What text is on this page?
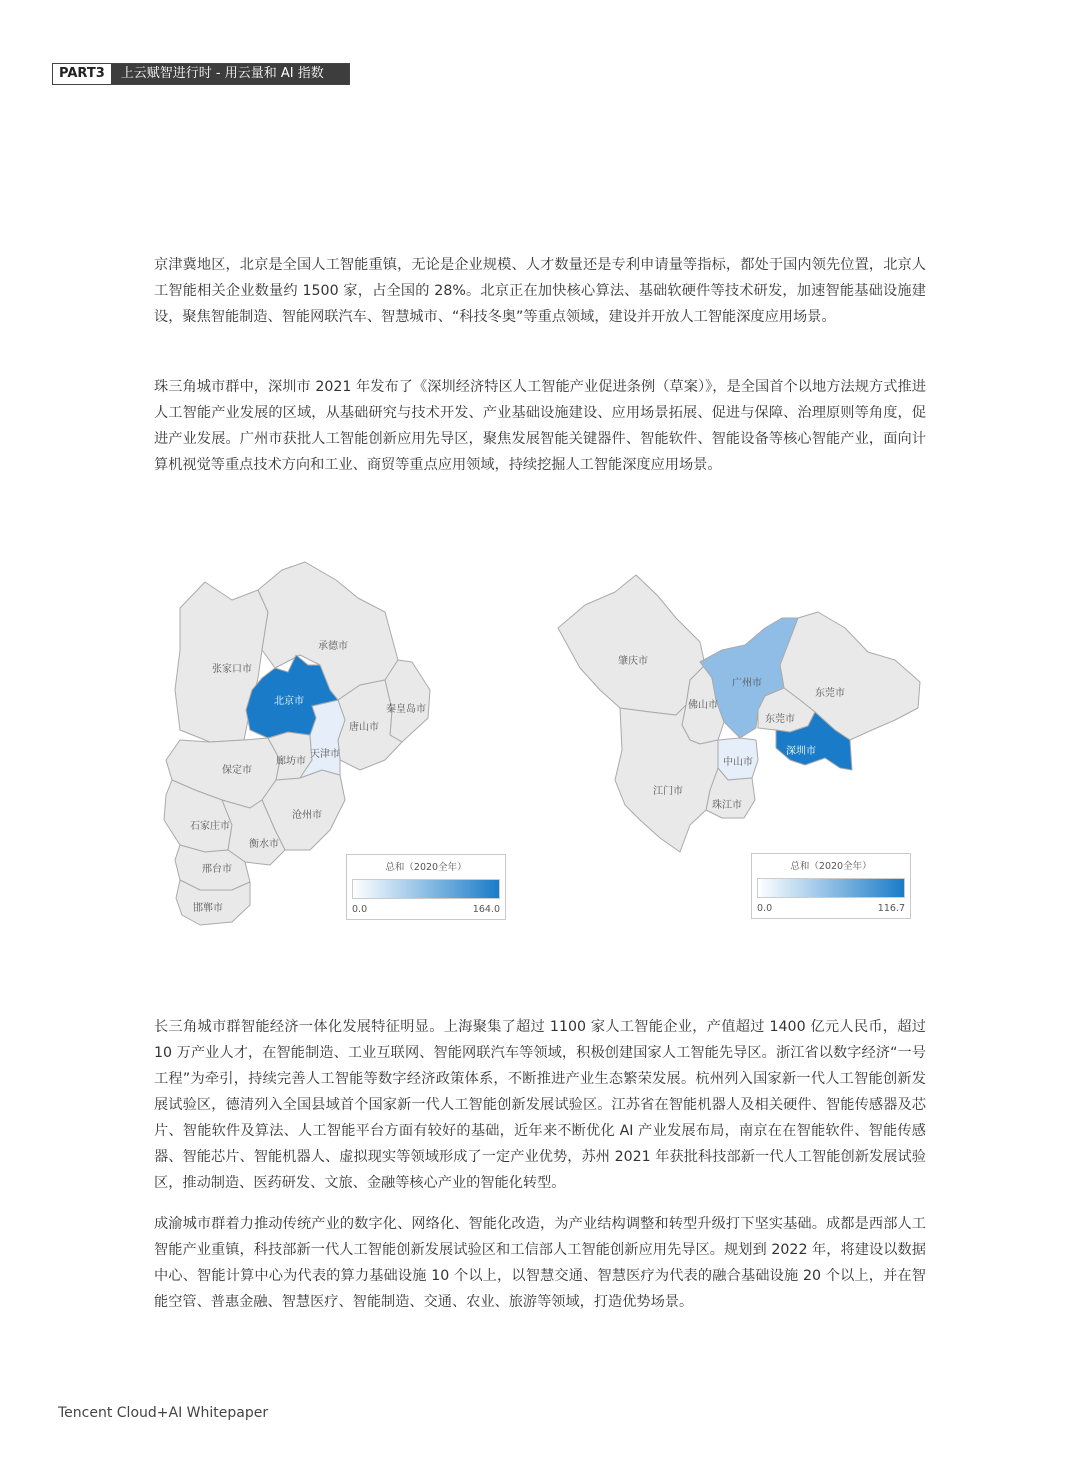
PART3	上云赋智进行时 - 用云量和 AI 指数

京津冀地区，北京是全国人工智能重镇，无论是企业规模、人才数量还是专利申请量等指标，都处于国内领先位置，北京人工智能相关企业数量约 1500 家，占全国的 28%。北京正在加快核心算法、基础软硬件等技术研发，加速智能基础设施建设，聚焦智能制造、智能网联汽车、智慧城市、“科技冬奥”等重点领域，建设并开放人工智能深度应用场景。

珠三角城市群中，深圳市 2021 年发布了《深圳经济特区人工智能产业促进条例（草案）》，是全国首个以地方法规方式推进人工智能产业发展的区域，从基础研究与技术开发、产业基础设施建设、应用场景拓展、促进与保障、治理原则等角度，促进产业发展。广州市获批人工智能创新应用先导区，聚焦发展智能关键器件、智能软件、智能设备等核心智能产业，面向计算机视觉等重点技术方向和工业、商贸等重点应用领域，持续挖掘人工智能深度应用场景。

张家口市
承德市
北京市
秦皇岛市
唐山市
天津市
廊坊市
保定市
沧州市
石家庄市
衡水市
邢台市
邯郸市
总和（2020全年）
0.0	164.0
肇庆市
广州市
东莞市
佛山市
东莞市
深圳市
中山市
江门市
珠江市
总和（2020全年）
0.0	116.7

长三角城市群智能经济一体化发展特征明显。上海聚集了超过 1100 家人工智能企业，产值超过 1400 亿元人民币，超过 10 万产业人才，在智能制造、工业互联网、智能网联汽车等领域，积极创建国家人工智能先导区。浙江省以数字经济“一号工程”为牵引，持续完善人工智能等数字经济政策体系，不断推进产业生态繁荣发展。杭州列入国家新一代人工智能创新发展试验区，德清列入全国县域首个国家新一代人工智能创新发展试验区。江苏省在智能机器人及相关硬件、智能传感器及芯片、智能软件及算法、人工智能平台方面有较好的基础，近年来不断优化 AI 产业发展布局，南京在在智能软件、智能传感器、智能芯片、智能机器人、虚拟现实等领域形成了一定产业优势，苏州 2021 年获批科技部新一代人工智能创新发展试验区，推动制造、医药研发、文旅、金融等核心产业的智能化转型。

成渝城市群着力推动传统产业的数字化、网络化、智能化改造，为产业结构调整和转型升级打下坚实基础。成都是西部人工智能产业重镇，科技部新一代人工智能创新发展试验区和工信部人工智能创新应用先导区。规划到 2022 年，将建设以数据中心、智能计算中心为代表的算力基础设施 10 个以上，以智慧交通、智慧医疗为代表的融合基础设施 20 个以上，并在智能空管、普惠金融、智慧医疗、智能制造、交通、农业、旅游等领域，打造优势场景。

Tencent Cloud+AI Whitepaper
